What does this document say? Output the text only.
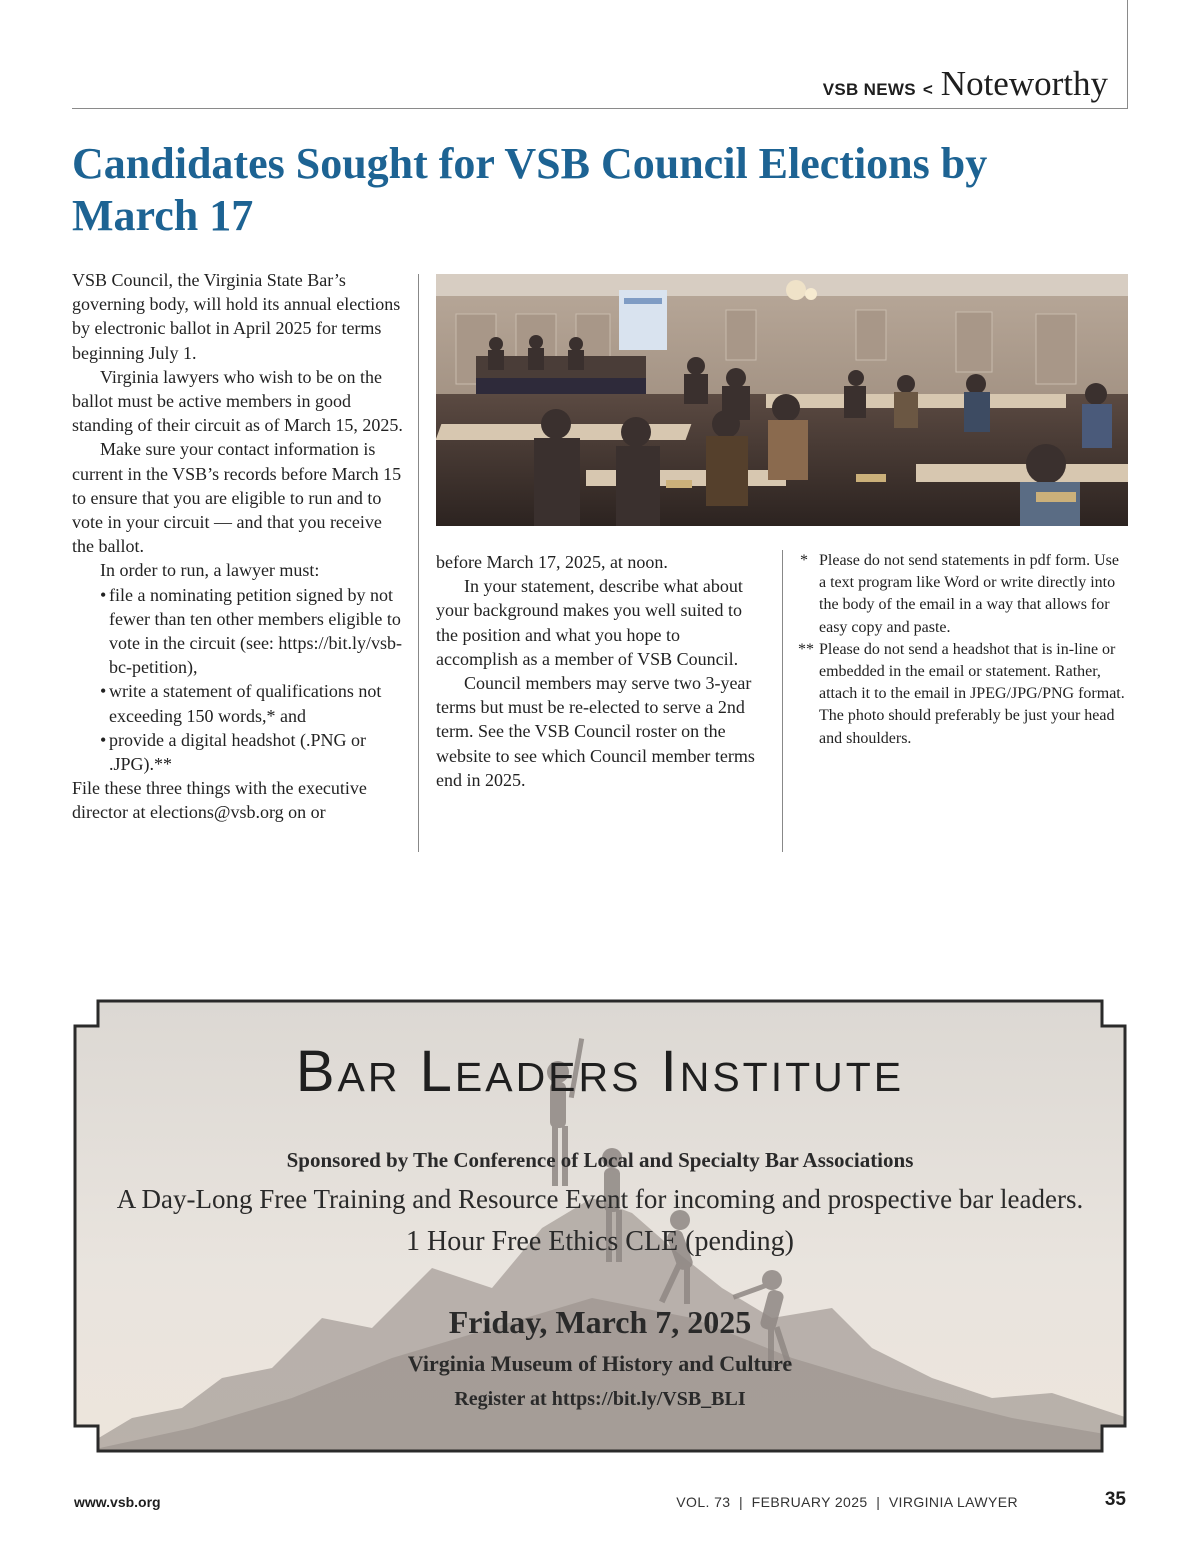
VSB NEWS < Noteworthy
Candidates Sought for VSB Council Elections by March 17

VSB Council, the Virginia State Bar’s governing body, will hold its annual elections by electronic ballot in April 2025 for terms beginning July 1.

Virginia lawyers who wish to be on the ballot must be active members in good standing of their circuit as of March 15, 2025.

Make sure your contact information is current in the VSB’s records before March 15 to ensure that you are eligible to run and to vote in your circuit — and that you receive the ballot.

In order to run, a lawyer must:

• file a nominating petition signed by not fewer than ten other members eligible to vote in the circuit (see: https://bit.ly/vsb-bc-petition),
• write a statement of qualifications not exceeding 150 words,* and
• provide a digital headshot (.PNG or .JPG).**

File these three things with the executive director at elections@vsb.org on or

before March 17, 2025, at noon.

In your statement, describe what about your background makes you well suited to the position and what you hope to accomplish as a member of VSB Council.

Council members may serve two 3-year terms but must be re-elected to serve a 2nd term. See the VSB Council roster on the website to see which Council member terms end in 2025.

* Please do not send statements in pdf form. Use a text program like Word or write directly into the body of the email in a way that allows for easy copy and paste.
** Please do not send a headshot that is in-line or embedded in the email or statement. Rather, attach it to the email in JPEG/JPG/PNG format. The photo should preferably be just your head and shoulders.
Bar Leaders Institute
Sponsored by The Conference of Local and Specialty Bar Associations
A Day-Long Free Training and Resource Event for incoming and prospective bar leaders.
1 Hour Free Ethics CLE (pending)
Friday, March 7, 2025
Virginia Museum of History and Culture
Register at https://bit.ly/VSB_BLI
www.vsb.org	VOL. 73  |  FEBRUARY 2025  |  VIRGINIA LAWYER	35
